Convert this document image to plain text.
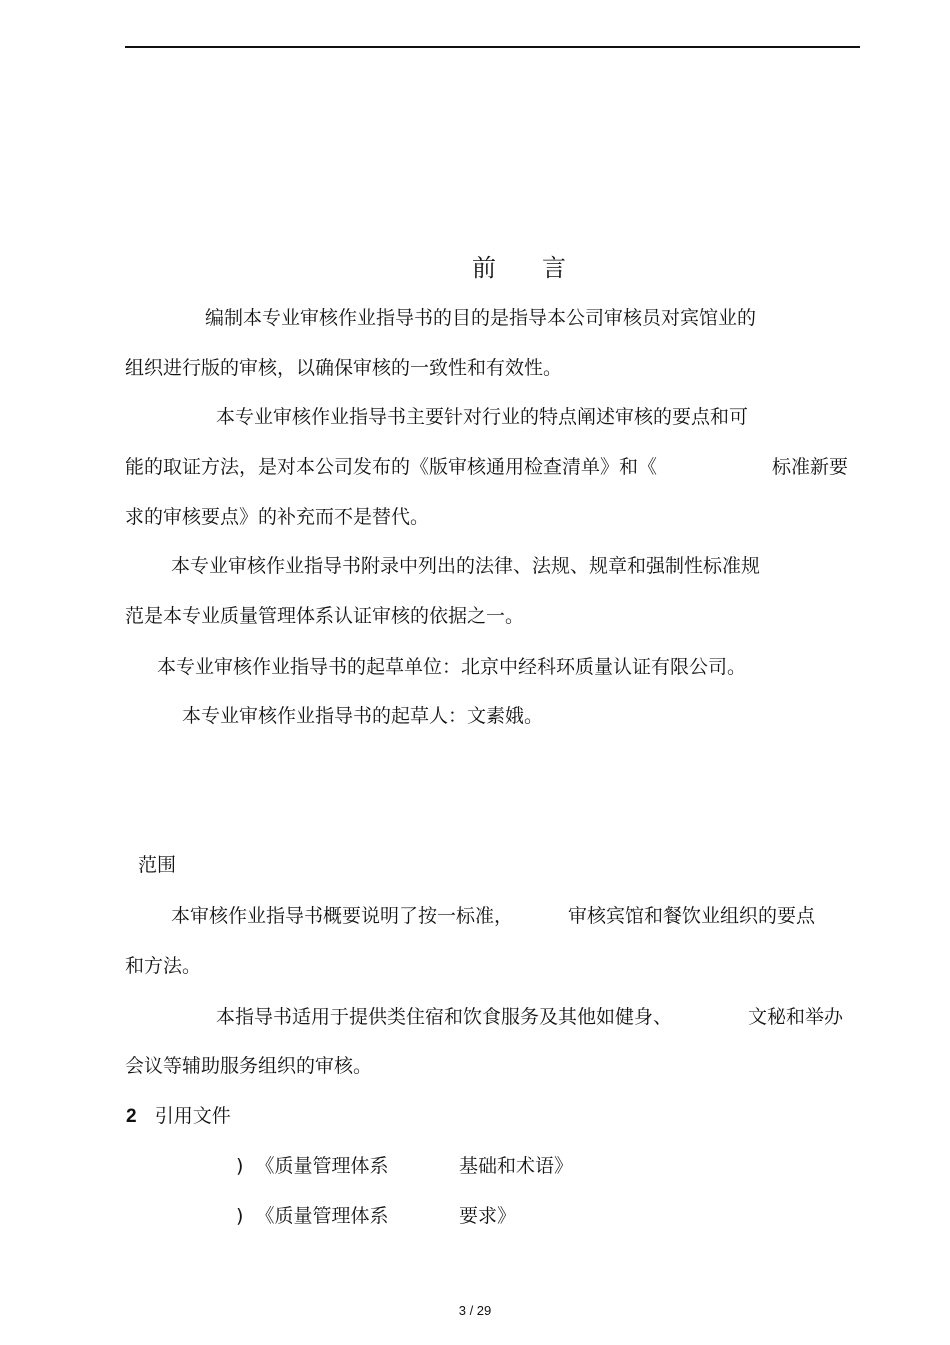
前 言
编制本专业审核作业指导书的目的是指导本公司审核员对宾馆业的
组织进行版的审核，以确保审核的一致性和有效性。
本专业审核作业指导书主要针对行业的特点阐述审核的要点和可
能的取证方法，是对本公司发布的《版审核通用检查清单》和《	标准新要
求的审核要点》的补充而不是替代。
本专业审核作业指导书附录中列出的法律、法规、规章和强制性标准规
范是本专业质量管理体系认证审核的依据之一。
本专业审核作业指导书的起草单位：北京中经科环质量认证有限公司。
本专业审核作业指导书的起草人：文素娥。
范围
本审核作业指导书概要说明了按一标准，	审核宾馆和餐饮业组织的要点
和方法。
本指导书适用于提供类住宿和饮食服务及其他如健身、	文秘和举办
会议等辅助服务组织的审核。
2 引用文件
) 《质量管理体系	基础和术语》
) 《质量管理体系	要求》
3 / 29
